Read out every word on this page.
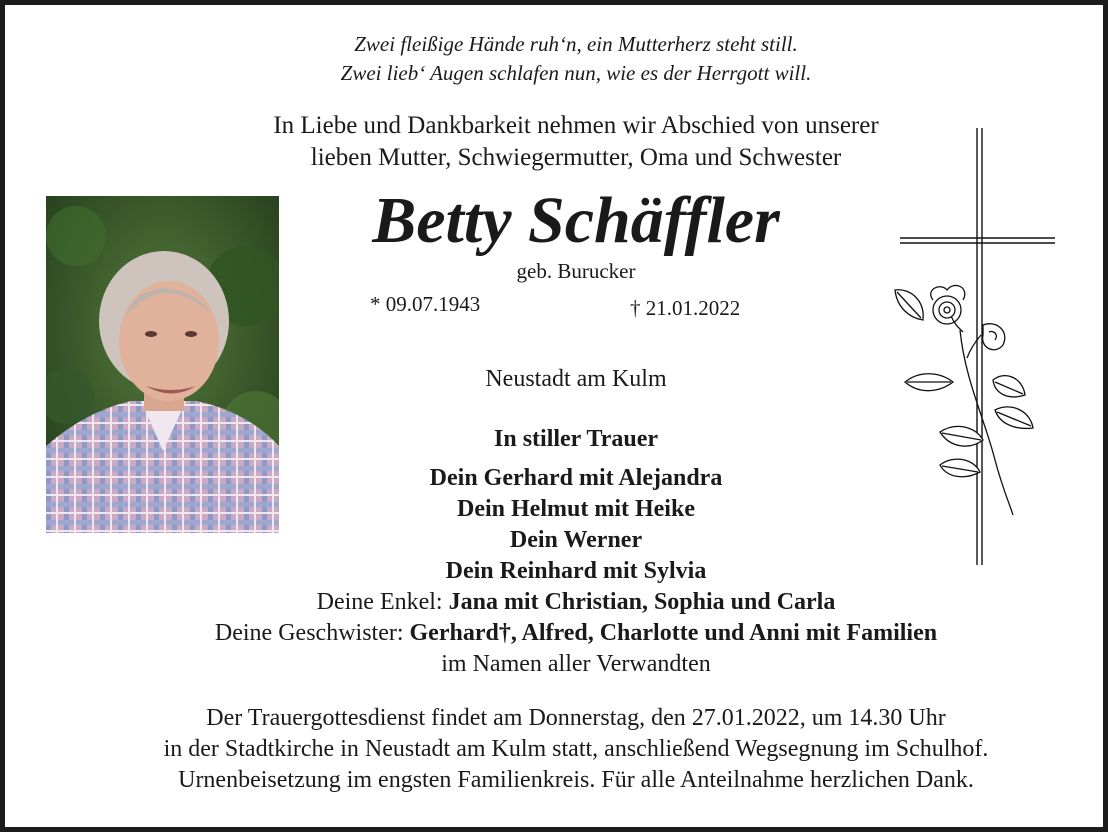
Zwei fleißige Hände ruh‘n, ein Mutterherz steht still.
Zwei lieb‘ Augen schlafen nun, wie es der Herrgott will.
In Liebe und Dankbarkeit nehmen wir Abschied von unserer
lieben Mutter, Schwiegermutter, Oma und Schwester
Betty Schäffler
geb. Burucker
* 09.07.1943	† 21.01.2022
Neustadt am Kulm
In stiller Trauer
Dein Gerhard mit Alejandra
Dein Helmut mit Heike
Dein Werner
Dein Reinhard mit Sylvia
Deine Enkel: Jana mit Christian, Sophia und Carla
Deine Geschwister: Gerhard†, Alfred, Charlotte und Anni mit Familien
im Namen aller Verwandten
Der Trauergottesdienst findet am Donnerstag, den 27.01.2022, um 14.30 Uhr
in der Stadtkirche in Neustadt am Kulm statt, anschließend Wegsegnung im Schulhof.
Urnenbeisetzung im engsten Familienkreis. Für alle Anteilnahme herzlichen Dank.
